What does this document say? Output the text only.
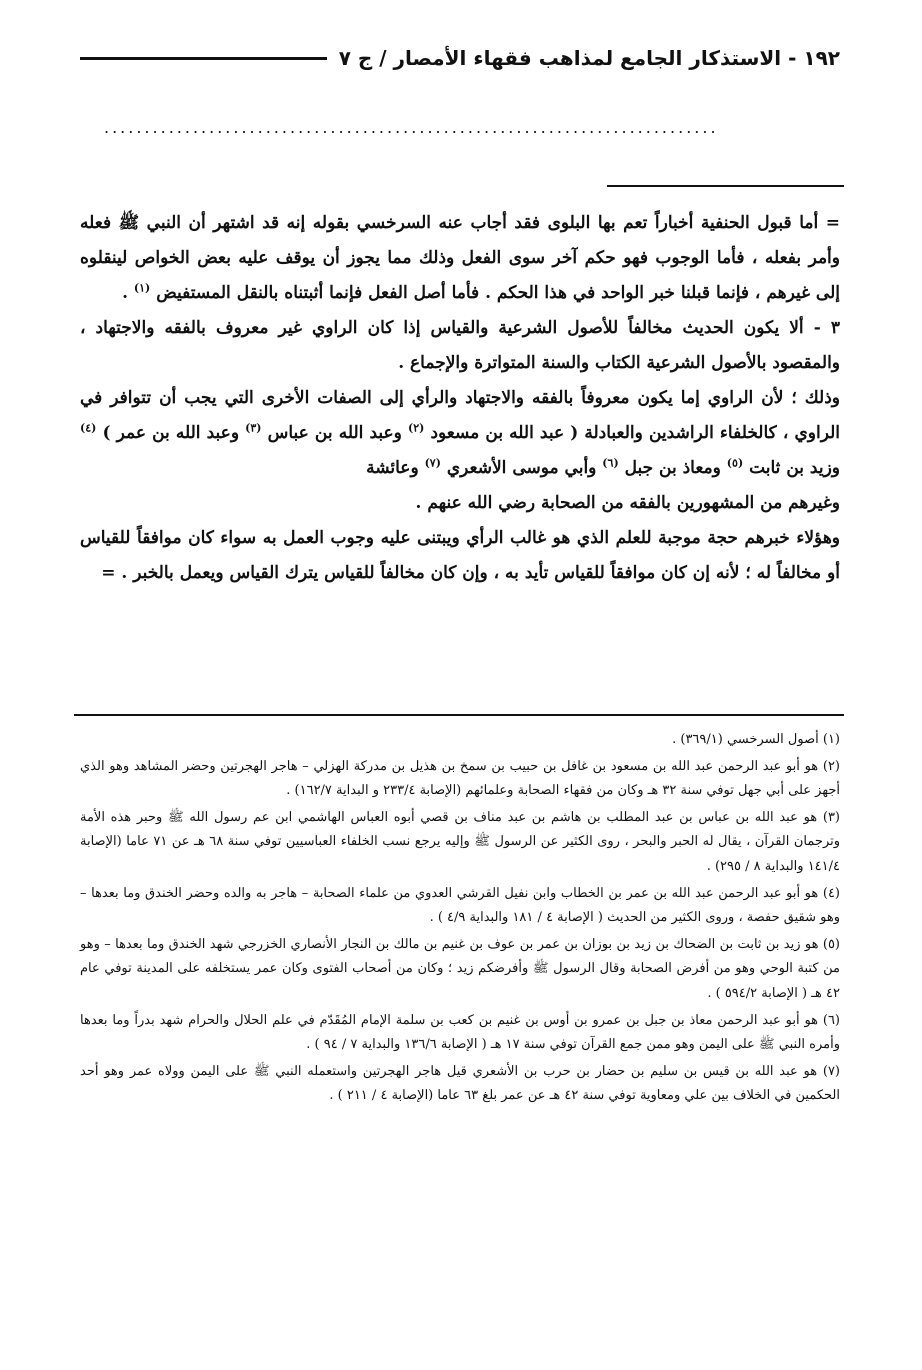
١٩٢ - الاستذكار الجامع لمذاهب فقهاء الأمصار / ج ٧
............................................................................

= أما قبول الحنفية أخباراً تعم بها البلوى فقد أجاب عنه السرخسي بقوله إنه قد اشتهر أن النبي ﷺ فعله وأمر بفعله ، فأما الوجوب فهو حكم آخر سوى الفعل وذلك مما يجوز أن يوقف عليه بعض الخواص لينقلوه إلى غيرهم ، فإنما قبلنا خبر الواحد في هذا الحكم . فأما أصل الفعل فإنما أثبتناه بالنقل المستفيض $^{(١)}$ .

٣ - ألا يكون الحديث مخالفاً للأصول الشرعية والقياس إذا كان الراوي غير معروف بالفقه والاجتهاد ، والمقصود بالأصول الشرعية الكتاب والسنة المتواترة والإجماع .

وذلك ؛ لأن الراوي إما يكون معروفاً بالفقه والاجتهاد والرأي إلى الصفات الأخرى التي يجب أن تتوافر في الراوي ، كالخلفاء الراشدين والعبادلة ( عبد الله بن مسعود $^{(٢)}$ وعبد الله بن عباس $^{(٣)}$ وعبد الله بن عمر ) $^{(٤)}$ وزيد بن ثابت $^{(٥)}$ ومعاذ بن جبل $^{(٦)}$ وأبي موسى الأشعري $^{(٧)}$ وعائشة

وغيرهم من المشهورين بالفقه من الصحابة رضي الله عنهم .

وهؤلاء خبرهم حجة موجبة للعلم الذي هو غالب الرأي ويبتنى عليه وجوب العمل به سواء كان موافقاً للقياس أو مخالفاً له ؛ لأنه إن كان موافقاً للقياس تأيد به ، وإن كان مخالفاً للقياس يترك القياس ويعمل بالخبر . =

(١) أصول السرخسي (٣٦٩/١) .

(٢) هو أبو عبد الرحمن عبد الله بن مسعود بن غافل بن حبيب بن سمخ بن هذيل بن مدركة الهزلي – هاجر الهجرتين وحضر المشاهد وهو الذي أجهز على أبي جهل توفي سنة ٣٢ هـ وكان من فقهاء الصحابة وعلمائهم (الإصابة ٢٣٣/٤ و البداية ١٦٢/٧) .

(٣) هو عبد الله بن عباس بن عبد المطلب بن هاشم بن عبد مناف بن قصي أبوه العباس الهاشمي ابن عم رسول الله ﷺ وحبر هذه الأمة وترجمان القرآن ، يقال له الحبر والبحر ، روى الكثير عن الرسول ﷺ وإليه يرجع نسب الخلفاء العباسيين توفي سنة ٦٨ هـ عن ٧١ عاما (الإصابة ١٤١/٤ والبداية ٨ / ٢٩٥) .

(٤) هو أبو عبد الرحمن عبد الله بن عمر بن الخطاب وابن نفيل القرشي العدوي من علماء الصحابة – هاجر به والده وحضر الخندق وما بعدها – وهو شقيق حفصة ، وروى الكثير من الحديث ( الإصابة ٤ / ١٨١ والبداية ٤/٩ ) .

(٥) هو زيد بن ثابت بن الضحاك بن زيد بن بوزان بن عمر بن عوف بن غنيم بن مالك بن النجار الأنصاري الخزرجي شهد الخندق وما بعدها – وهو من كتبة الوحي وهو من أفرض الصحابة وقال الرسول ﷺ وأفرضكم زيد ؛ وكان من أصحاب الفتوى وكان عمر يستخلفه على المدينة توفي عام ٤٢ هـ ( الإصابة ٥٩٤/٢ ) .

(٦) هو أبو عبد الرحمن معاذ بن جبل بن عمرو بن أوس بن غنيم بن كعب بن سلمة الإمام المُقَدّم في علم الحلال والحرام شهد بدراً وما بعدها وأمره النبي ﷺ على اليمن وهو ممن جمع القرآن توفي سنة ١٧ هـ ( الإصابة ١٣٦/٦ والبداية ٧ / ٩٤ ) .

(٧) هو عبد الله بن قيس بن سليم بن حضار بن حرب بن الأشعري قيل هاجر الهجرتين واستعمله النبي ﷺ على اليمن وولاه عمر وهو أحد الحكمين في الخلاف بين علي ومعاوية توفي سنة ٤٢ هـ عن عمر بلغ ٦٣ عاما (الإصابة ٤ / ٢١١ ) .
